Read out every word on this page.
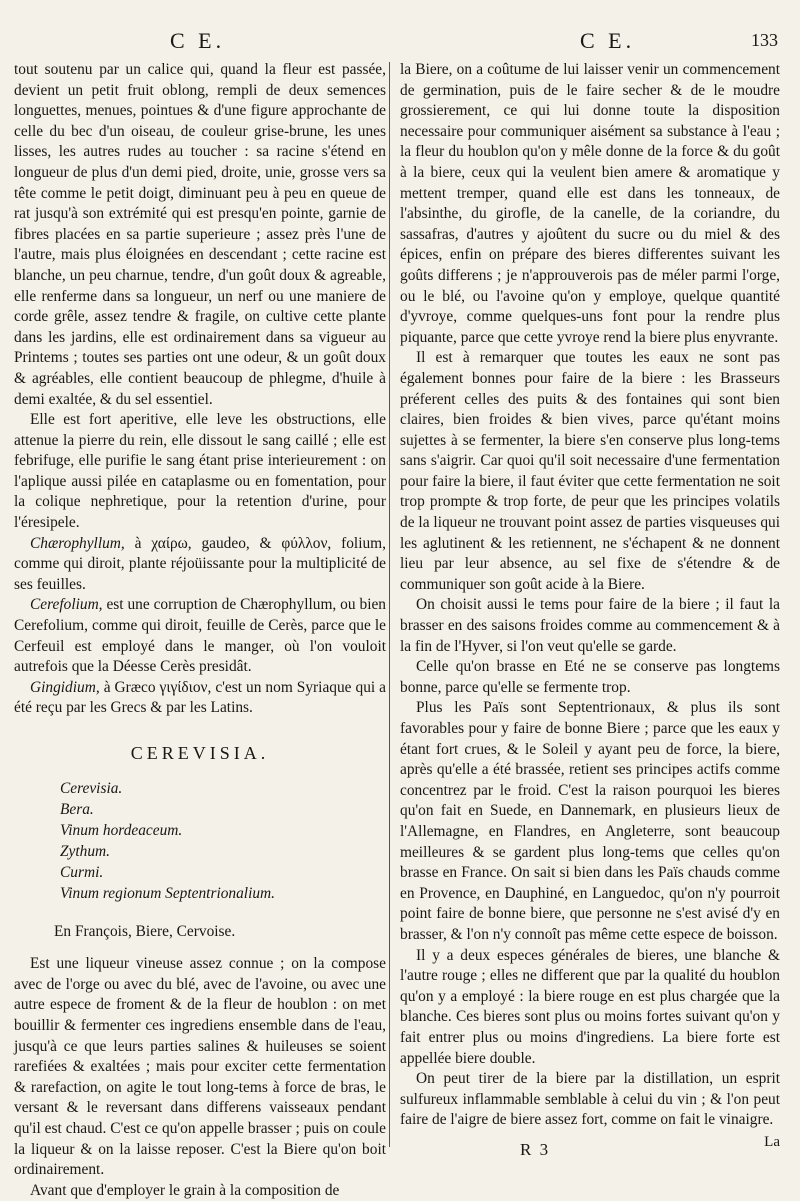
C E.	C E.	133

tout soutenu par un calice qui, quand la fleur est passée, devient un petit fruit oblong, rempli de deux semences longuettes, menues, pointues & d'une figure approchante de celle du bec d'un oiseau, de couleur grise-brune, les unes lisses, les autres rudes au toucher : sa racine s'étend en longueur de plus d'un demi pied, droite, unie, grosse vers sa tête comme le petit doigt, diminuant peu à peu en queue de rat jusqu'à son extrémité qui est presqu'en pointe, garnie de fibres placées en sa partie superieure ; assez près l'une de l'autre, mais plus éloignées en descendant ; cette racine est blanche, un peu charnue, tendre, d'un goût doux & agreable, elle renferme dans sa longueur, un nerf ou une maniere de corde grêle, assez tendre & fragile, on cultive cette plante dans les jardins, elle est ordinairement dans sa vigueur au Printems ; toutes ses parties ont une odeur, & un goût doux & agréables, elle contient beaucoup de phlegme, d'huile à demi exaltée, & du sel essentiel.

Elle est fort aperitive, elle leve les obstructions, elle attenue la pierre du rein, elle dissout le sang caillé ; elle est febrifuge, elle purifie le sang étant prise interieurement : on l'aplique aussi pilée en cataplasme ou en fomentation, pour la colique nephretique, pour la retention d'urine, pour l'éresipele.

Chærophyllum, à χαίρω, gaudeo, & φύλλον, folium, comme qui diroit, plante réjoüissante pour la multiplicité de ses feuilles.

Cerefolium, est une corruption de Chærophyllum, ou bien Cerefolium, comme qui diroit, feuille de Cerès, parce que le Cerfeuil est employé dans le manger, où l'on vouloit autrefois que la Déesse Cerès presidât.

Gingidium, à Græco γιγίδιον, c'est un nom Syriaque qui a été reçu par les Grecs & par les Latins.

CEREVISIA.
Cerevisia.
Bera.
Vinum hordeaceum.
Zythum.
Curmi.
Vinum regionum Septentrionalium.
En François, Biere, Cervoise.

Est une liqueur vineuse assez connue ; on la compose avec de l'orge ou avec du blé, avec de l'avoine, ou avec une autre espece de froment & de la fleur de houblon : on met bouillir & fermenter ces ingrediens ensemble dans de l'eau, jusqu'à ce que leurs parties salines & huileuses se soient rarefiées & exaltées ; mais pour exciter cette fermentation & rarefaction, on agite le tout long-tems à force de bras, le versant & le reversant dans differens vaisseaux pendant qu'il est chaud. C'est ce qu'on appelle brasser ; puis on coule la liqueur & on la laisse reposer. C'est la Biere qu'on boit ordinairement.

Avant que d'employer le grain à la composition de

la Biere, on a coûtume de lui laisser venir un commencement de germination, puis de le faire secher & de le moudre grossierement, ce qui lui donne toute la disposition necessaire pour communiquer aisément sa substance à l'eau ; la fleur du houblon qu'on y mêle donne de la force & du goût à la biere, ceux qui la veulent bien amere & aromatique y mettent tremper, quand elle est dans les tonneaux, de l'absinthe, du girofle, de la canelle, de la coriandre, du sassafras, d'autres y ajoûtent du sucre ou du miel & des épices, enfin on prépare des bieres differentes suivant les goûts differens ; je n'approuverois pas de méler parmi l'orge, ou le blé, ou l'avoine qu'on y employe, quelque quantité d'yvroye, comme quelques-uns font pour la rendre plus piquante, parce que cette yvroye rend la biere plus enyvrante.

Il est à remarquer que toutes les eaux ne sont pas également bonnes pour faire de la biere : les Brasseurs préferent celles des puits & des fontaines qui sont bien claires, bien froides & bien vives, parce qu'étant moins sujettes à se fermenter, la biere s'en conserve plus long-tems sans s'aigrir. Car quoi qu'il soit necessaire d'une fermentation pour faire la biere, il faut éviter que cette fermentation ne soit trop prompte & trop forte, de peur que les principes volatils de la liqueur ne trouvant point assez de parties visqueuses qui les aglutinent & les retiennent, ne s'échapent & ne donnent lieu par leur absence, au sel fixe de s'étendre & de communiquer son goût acide à la Biere.

On choisit aussi le tems pour faire de la biere ; il faut la brasser en des saisons froides comme au commencement & à la fin de l'Hyver, si l'on veut qu'elle se garde.

Celle qu'on brasse en Eté ne se conserve pas longtems bonne, parce qu'elle se fermente trop.

Plus les Païs sont Septentrionaux, & plus ils sont favorables pour y faire de bonne Biere ; parce que les eaux y étant fort crues, & le Soleil y ayant peu de force, la biere, après qu'elle a été brassée, retient ses principes actifs comme concentrez par le froid. C'est la raison pourquoi les bieres qu'on fait en Suede, en Dannemark, en plusieurs lieux de l'Allemagne, en Flandres, en Angleterre, sont beaucoup meilleures & se gardent plus long-tems que celles qu'on brasse en France. On sait si bien dans les Païs chauds comme en Provence, en Dauphiné, en Languedoc, qu'on n'y pourroit point faire de bonne biere, que personne ne s'est avisé d'y en brasser, & l'on n'y connoît pas même cette espece de boisson.

Il y a deux especes générales de bieres, une blanche & l'autre rouge ; elles ne different que par la qualité du houblon qu'on y a employé : la biere rouge en est plus chargée que la blanche. Ces bieres sont plus ou moins fortes suivant qu'on y fait entrer plus ou moins d'ingrediens. La biere forte est appellée biere double.

On peut tirer de la biere par la distillation, un esprit sulfureux inflammable semblable à celui du vin ; & l'on peut faire de l'aigre de biere assez fort, comme on fait le vinaigre.

R 3	La
